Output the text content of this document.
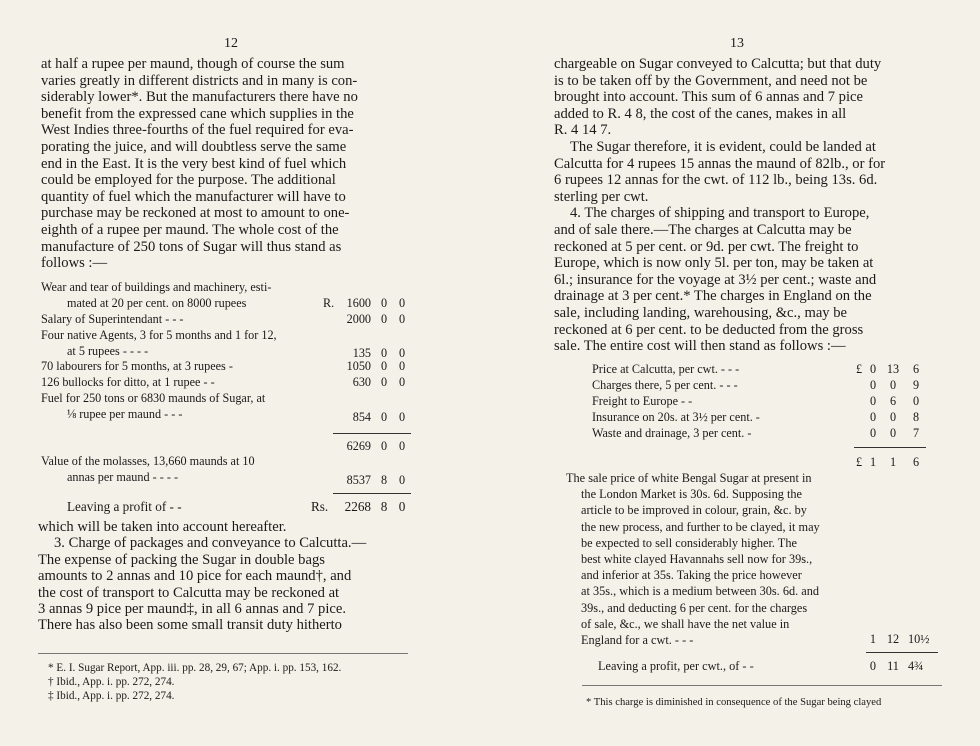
12

at half a rupee per maund, though of course the sum

varies greatly in different districts and in many is con-

siderably lower*. But the manufacturers there have no

benefit from the expressed cane which supplies in the

West Indies three-fourths of the fuel required for eva-

porating the juice, and will doubtless serve the same

end in the East. It is the very best kind of fuel which

could be employed for the purpose. The additional

quantity of fuel which the manufacturer will have to

purchase may be reckoned at most to amount to one-

eighth of a rupee per maund. The whole cost of the

manufacture of 250 tons of Sugar will thus stand as

follows :—

Wear and tear of buildings and machinery, esti-
mated at 20 per cent. on 8000 rupees	R.	1600 0 0
Salary of Superintendant - - -	2000 0 0
Four native Agents, 3 for 5 months and 1 for 12,
at 5 rupees - - - -	135 0 0
70 labourers for 5 months, at 3 rupees -	1050 0 0
126 bullocks for ditto, at 1 rupee - -	630 0 0
Fuel for 250 tons or 6830 maunds of Sugar, at
⅛ rupee per maund - - -	854 0 0
6269 0 0
Value of the molasses, 13,660 maunds at 10
annas per maund - - - -	8537 8 0
Leaving a profit of - -	Rs.	2268 8 0

which will be taken into account hereafter.

3. Charge of packages and conveyance to Calcutta.—

The expense of packing the Sugar in double bags

amounts to 2 annas and 10 pice for each maund†, and

the cost of transport to Calcutta may be reckoned at

3 annas 9 pice per maund‡, in all 6 annas and 7 pice.

There has also been some small transit duty hitherto

* E. I. Sugar Report, App. iii. pp. 28, 29, 67; App. i. pp. 153, 162.
† Ibid., App. i. pp. 272, 274.
‡ Ibid., App. i. pp. 272, 274.
13

chargeable on Sugar conveyed to Calcutta; but that duty

is to be taken off by the Government, and need not be

brought into account. This sum of 6 annas and 7 pice

added to R. 4 8, the cost of the canes, makes in all

R. 4 14 7.

The Sugar therefore, it is evident, could be landed at

Calcutta for 4 rupees 15 annas the maund of 82lb., or for

6 rupees 12 annas for the cwt. of 112 lb., being 13s. 6d.

sterling per cwt.

4. The charges of shipping and transport to Europe,

and of sale there.—The charges at Calcutta may be

reckoned at 5 per cent. or 9d. per cwt. The freight to

Europe, which is now only 5l. per ton, may be taken at

6l.; insurance for the voyage at 3½ per cent.; waste and

drainage at 3 per cent.* The charges in England on the

sale, including landing, warehousing, &c., may be

reckoned at 6 per cent. to be deducted from the gross

sale. The entire cost will then stand as follows :—

Price at Calcutta, per cwt. - - -	£ 0 13 6
Charges there, 5 per cent. - - -	0	0	9
Freight to Europe - -	0	6	0
Insurance on 20s. at 3½ per cent. -	0	0	8
Waste and drainage, 3 per cent. -	0	0	7
£ 1	1	6
The sale price of white Bengal Sugar at present in
the London Market is 30s. 6d. Supposing the
article to be improved in colour, grain, &c. by
the new process, and further to be clayed, it may
be expected to sell considerably higher. The
best white clayed Havannahs sell now for 39s.,
and inferior at 35s. Taking the price however
at 35s., which is a medium between 30s. 6d. and
39s., and deducting 6 per cent. for the charges
of sale, &c., we shall have the net value in
England for a cwt. - - -	1 12 10½
Leaving a profit, per cwt., of - -	0 11 4¾
* This charge is diminished in consequence of the Sugar being clayed
